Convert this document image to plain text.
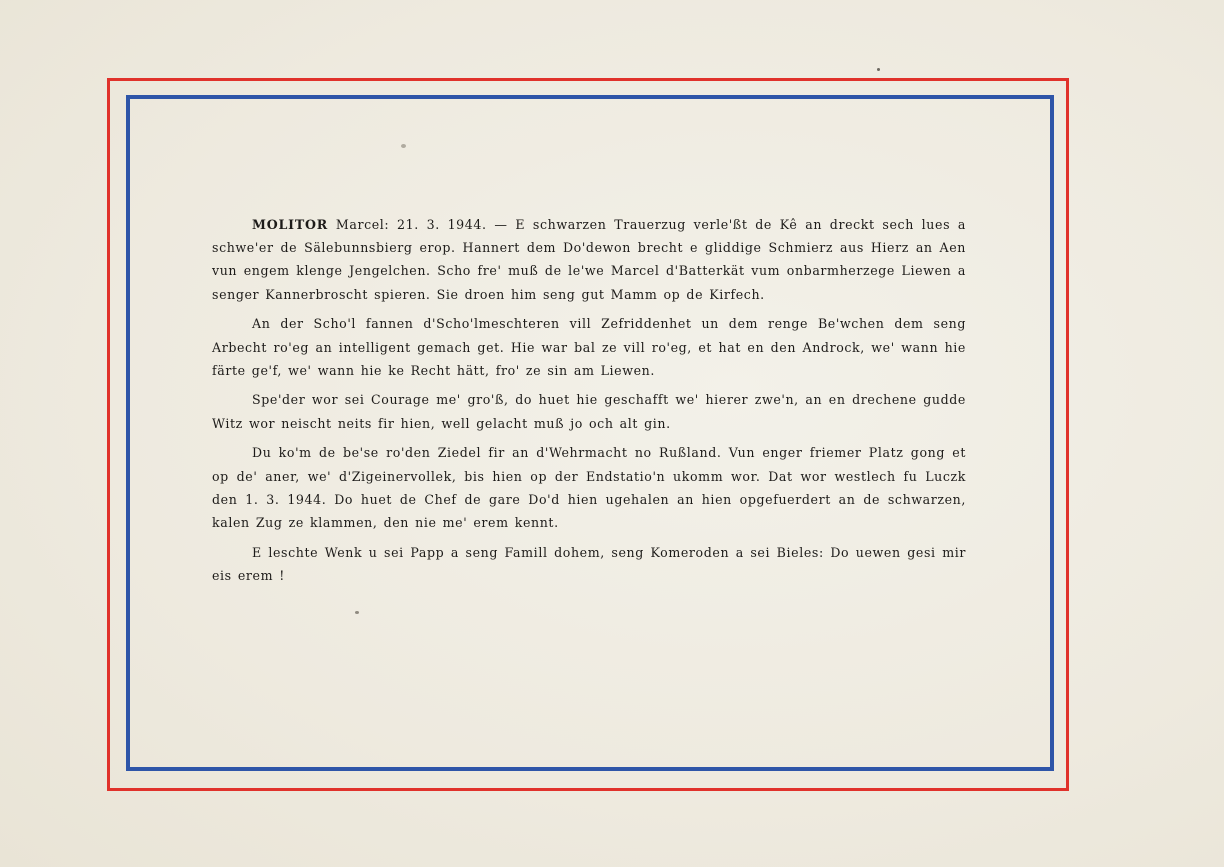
MOLITOR Marcel: 21. 3. 1944. — E schwarzen Trauerzug verle'ßt de Kê an dreckt sech lues a schwe'er de Sälebunnsbierg erop. Hannert dem Do'dewon brecht e gliddige Schmierz aus Hierz an Aen vun engem klenge Jengelchen. Scho fre' muß de le'we Marcel d'Batterkät vum onbarmherzege Liewen a senger Kannerbroscht spieren. Sie droen him seng gut Mamm op de Kirfech.

An der Scho'l fannen d'Scho'lmeschteren vill Zefriddenhet un dem renge Be'wchen dem seng Arbecht ro'eg an intelligent gemach get. Hie war bal ze vill ro'eg, et hat en den Androck, we' wann hie färte ge'f, we' wann hie ke Recht hätt, fro' ze sin am Liewen.

Spe'der wor sei Courage me' gro'ß, do huet hie geschafft we' hierer zwe'n, an en drechene gudde Witz wor neischt neits fir hien, well gelacht muß jo och alt gin.

Du ko'm de be'se ro'den Ziedel fir an d'Wehrmacht no Rußland. Vun enger friemer Platz gong et op de' aner, we' d'Zigeinervollek, bis hien op der Endstatio'n ukomm wor. Dat wor westlech fu Luczk den 1. 3. 1944. Do huet de Chef de gare Do'd hien ugehalen an hien opgefuerdert an de schwarzen, kalen Zug ze klammen, den nie me' erem kennt.

E leschte Wenk u sei Papp a seng Famill dohem, seng Komeroden a sei Bieles: Do uewen gesi mir eis erem !
